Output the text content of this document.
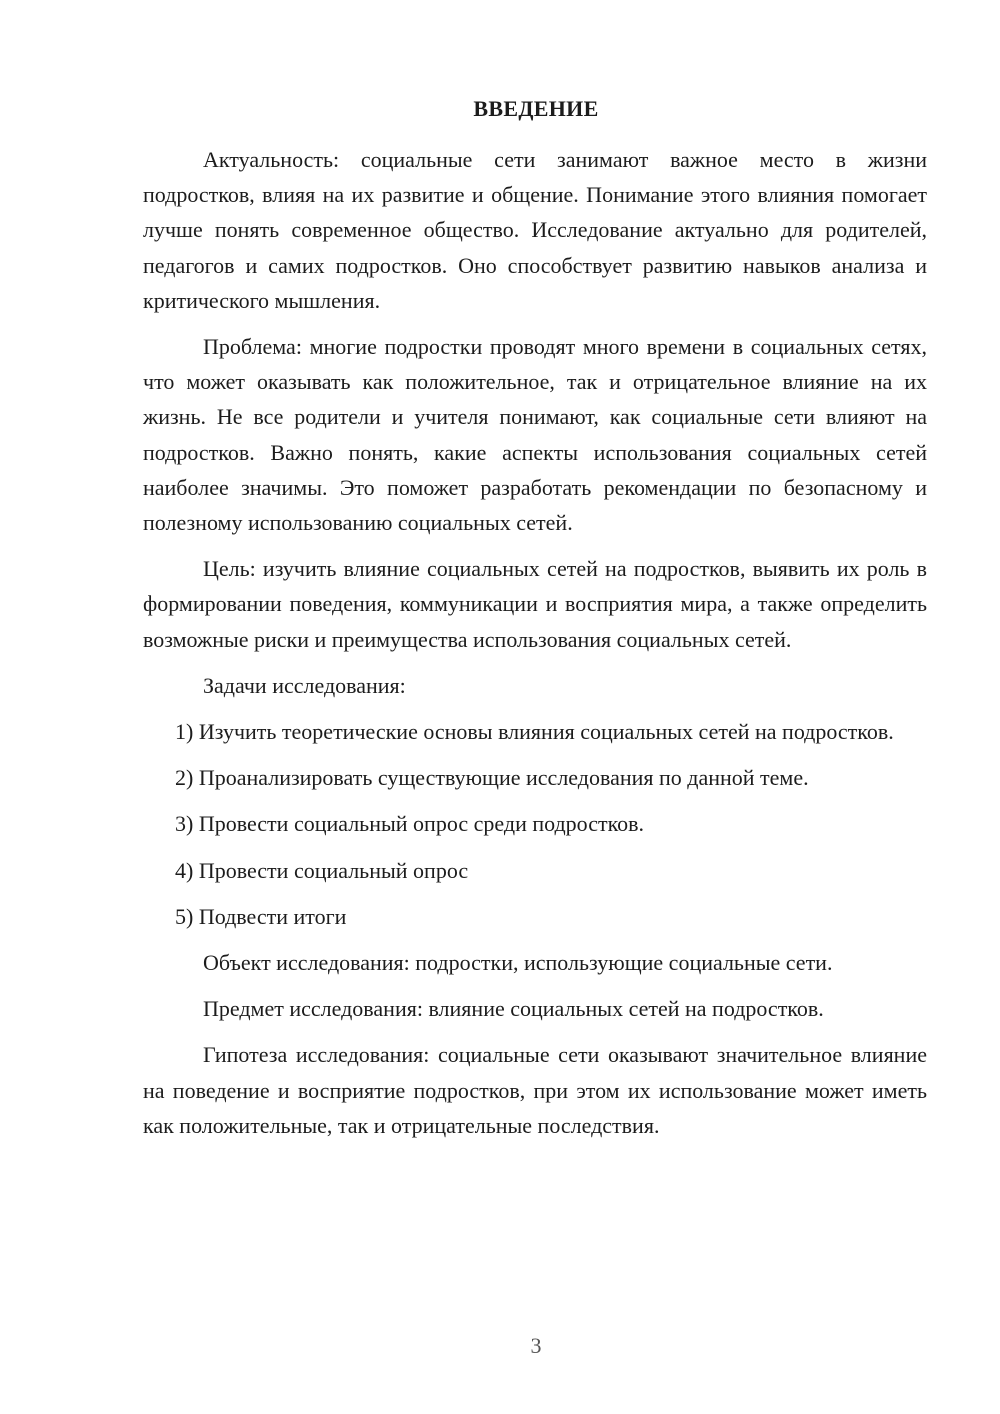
ВВЕДЕНИЕ

Актуальность: социальные сети занимают важное место в жизни подростков, влияя на их развитие и общение. Понимание этого влияния помогает лучше понять современное общество. Исследование актуально для родителей, педагогов и самих подростков. Оно способствует развитию навыков анализа и критического мышления.

Проблема: многие подростки проводят много времени в социальных сетях, что может оказывать как положительное, так и отрицательное влияние на их жизнь. Не все родители и учителя понимают, как социальные сети влияют на подростков. Важно понять, какие аспекты использования социальных сетей наиболее значимы. Это поможет разработать рекомендации по безопасному и полезному использованию социальных сетей.

Цель: изучить влияние социальных сетей на подростков, выявить их роль в формировании поведения, коммуникации и восприятия мира, а также определить возможные риски и преимущества использования социальных сетей.

Задачи исследования:

1) Изучить теоретические основы влияния социальных сетей на подростков.

2) Проанализировать существующие исследования по данной теме.

3) Провести социальный опрос среди подростков.

4) Провести социальный опрос

5) Подвести итоги

Объект исследования: подростки, использующие социальные сети.

Предмет исследования: влияние социальных сетей на подростков.

Гипотеза исследования: социальные сети оказывают значительное влияние на поведение и восприятие подростков, при этом их использование может иметь как положительные, так и отрицательные последствия.

3
